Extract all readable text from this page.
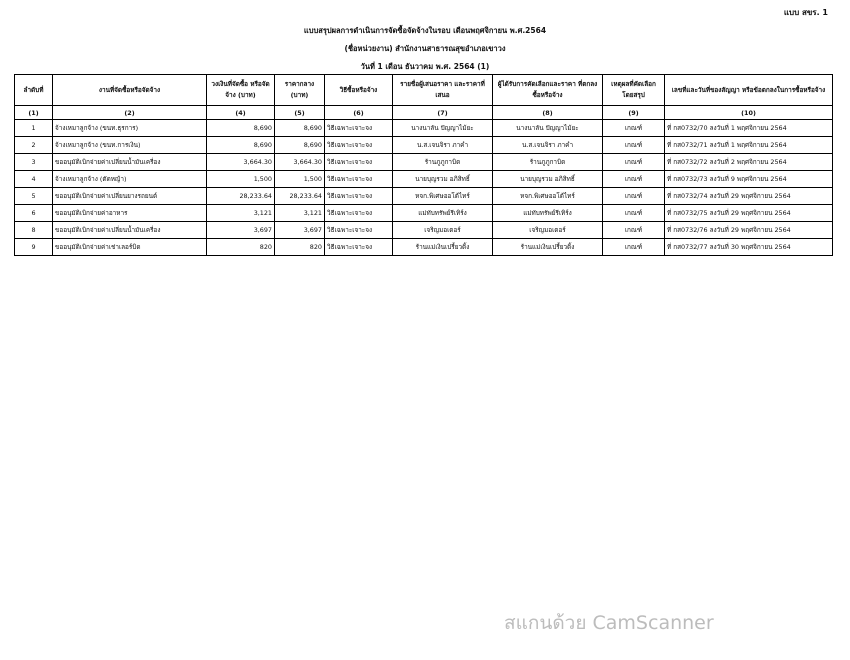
แบบ สขร. 1
แบบสรุปผลการดำเนินการจัดซื้อจัดจ้างในรอบ เดือนพฤศจิกายน พ.ศ.2564
(ชื่อหน่วยงาน) สำนักงานสาธารณสุขอำเภอเขาวง
วันที่ 1 เดือน ธันวาคม พ.ศ. 2564 (1)
ลำดับที่	งานที่จัดซื้อหรือจัดจ้าง	วงเงินที่จัดซื้อ หรือจัดจ้าง (บาท)	ราคากลาง (บาท)	วิธีซื้อหรือจ้าง	รายชื่อผู้เสนอราคา และราคาที่เสนอ	ผู้ได้รับการคัดเลือกและราคา ที่ตกลงซื้อหรือจ้าง	เหตุผลที่คัดเลือก โดยสรุป	เลขที่และวันที่ของสัญญา หรือข้อตกลงในการซื้อหรือจ้าง
(1)	(2)	(4)	(5)	(6)	(7)	(8)	(9)	(10)
1	จ้างเหมาลูกจ้าง (ขนท.ธุรการ)	8,690	8,690	วิธีเฉพาะเจาะจง	นางนาลัน ปัญญาไม้ยะ	นางนาลัน ปัญญาไม้ยะ	เกณฑ์	ที่ กส0732/70 ลงวันที่ 1 พฤศจิกายน 2564
2	จ้างเหมาลูกจ้าง (ขนท.การเงิน)	8,690	8,690	วิธีเฉพาะเจาะจง	น.ส.เจนจิรา ภาคำ	น.ส.เจนจิรา ภาคำ	เกณฑ์	ที่ กส0732/71 ลงวันที่ 1 พฤศจิกายน 2564
3	ขออนุมัติเบิกจ่ายค่าเปลี่ยนน้ำมันเครื่อง	3,664.30	3,664.30	วิธีเฉพาะเจาะจง	ร้านภูภูกาบิด	ร้านภูภูกาบิด	เกณฑ์	ที่ กส0732/72 ลงวันที่ 2 พฤศจิกายน 2564
4	จ้างเหมาลูกจ้าง (ตัดหญ้า)	1,500	1,500	วิธีเฉพาะเจาะจง	นายบุญรวม อภิสิทธิ์	นายบุญรวม อภิสิทธิ์	เกณฑ์	ที่ กส0732/73 ลงวันที่ 9 พฤศจิกายน 2564
5	ขออนุมัติเบิกจ่ายค่าเปลี่ยนยางรถยนต์	28,233.64	28,233.64	วิธีเฉพาะเจาะจง	หจก.พิเศษออโต้ไทร์	หจก.พิเศษออโต้ไทร์	เกณฑ์	ที่ กส0732/74 ลงวันที่ 29 พฤศจิกายน 2564
6	ขออนุมัติเบิกจ่ายค่าอาหาร	3,121	3,121	วิธีเฉพาะเจาะจง	แม่ทับทรัพย์รีเทิร์ง	แม่ทับทรัพย์รีเทิร์ง	เกณฑ์	ที่ กส0732/75 ลงวันที่ 29 พฤศจิกายน 2564
8	ขออนุมัติเบิกจ่ายค่าเปลี่ยนน้ำมันเครื่อง	3,697	3,697	วิธีเฉพาะเจาะจง	เจริญมอเตอร์	เจริญมอเตอร์	เกณฑ์	ที่ กส0732/76 ลงวันที่ 29 พฤศจิกายน 2564
9	ขออนุมัติเบิกจ่ายค่าเช่าเลอร์บิด	820	820	วิธีเฉพาะเจาะจง	ร้านแม่เงินเปรี้ยวติ้ง	ร้านแม่เงินเปรี้ยวติ้ง	เกณฑ์	ที่ กส0732/77 ลงวันที่ 30 พฤศจิกายน 2564
สแกนด้วย CamScanner
